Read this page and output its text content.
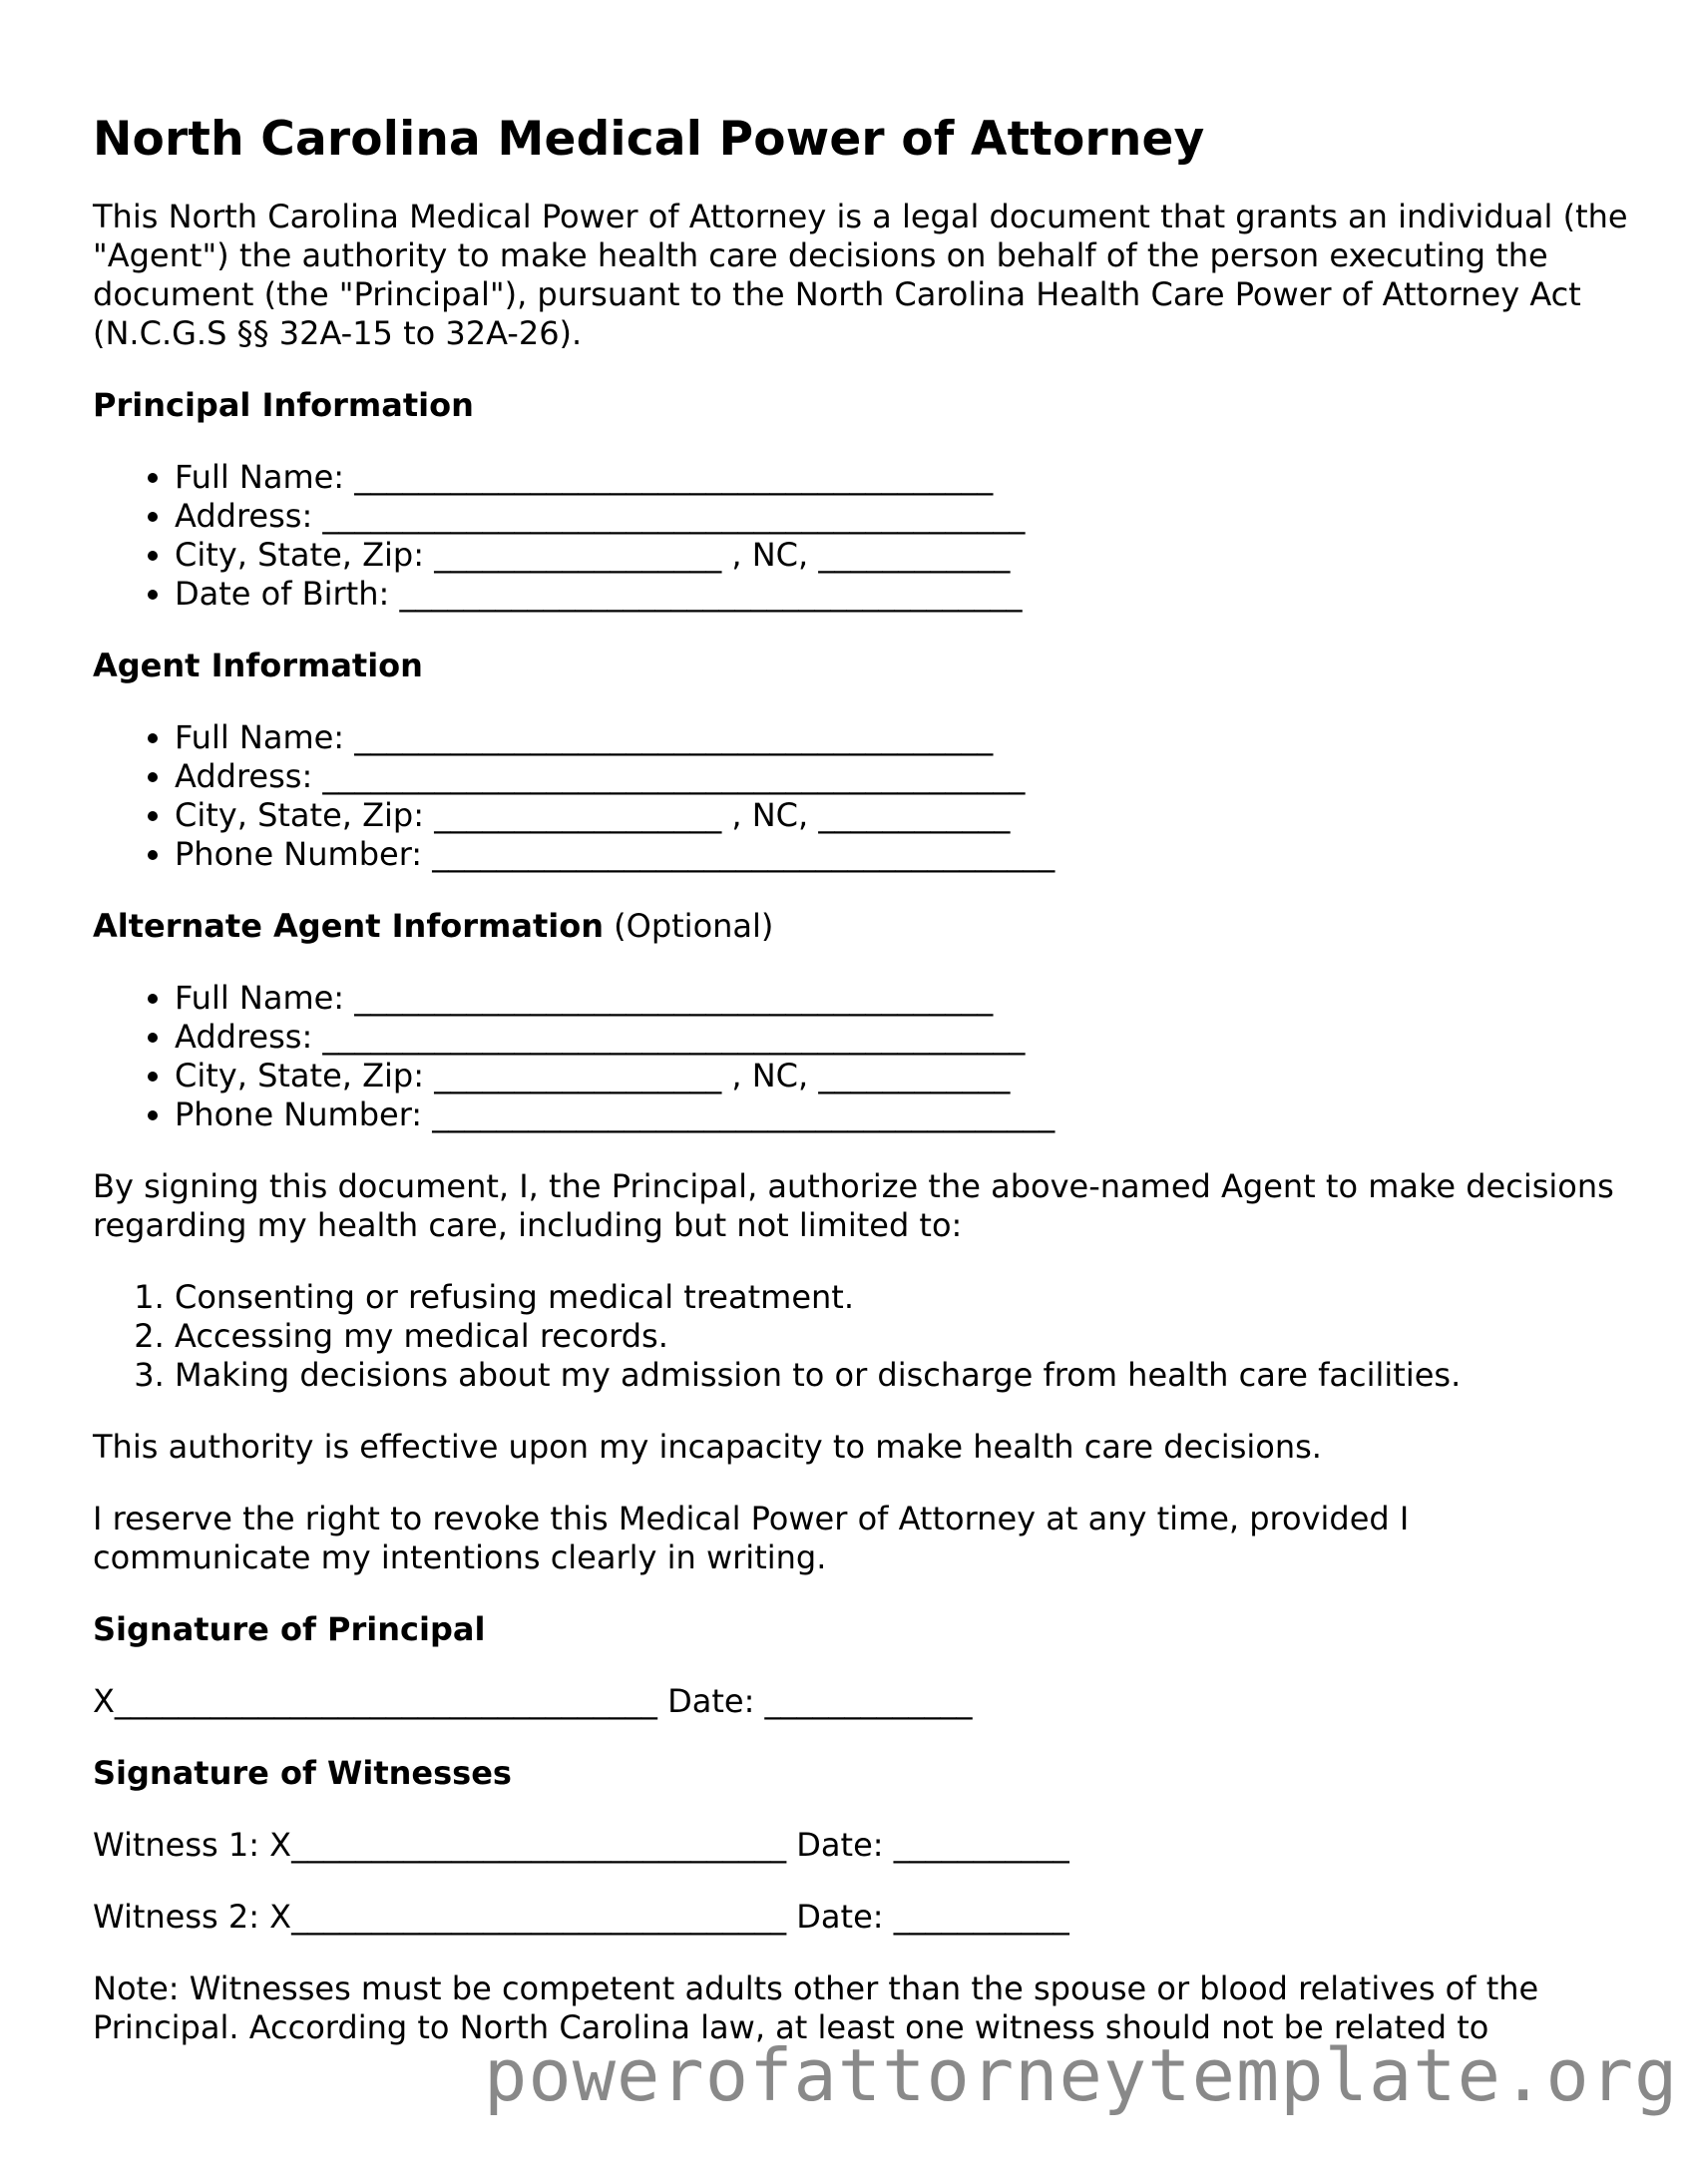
North Carolina Medical Power of Attorney

This North Carolina Medical Power of Attorney is a legal document that grants an individual (the "Agent") the authority to make health care decisions on behalf of the person executing the document (the "Principal"), pursuant to the North Carolina Health Care Power of Attorney Act (N.C.G.S §§ 32A-15 to 32A-26).

Principal Information
• Full Name: ________________________________________
• Address: ____________________________________________
• City, State, Zip: __________________ , NC, ____________
• Date of Birth: _______________________________________
Agent Information
• Full Name: ________________________________________
• Address: ____________________________________________
• City, State, Zip: __________________ , NC, ____________
• Phone Number: _______________________________________
Alternate Agent Information (Optional)
• Full Name: ________________________________________
• Address: ____________________________________________
• City, State, Zip: __________________ , NC, ____________
• Phone Number: _______________________________________

By signing this document, I, the Principal, authorize the above-named Agent to make decisions regarding my health care, including but not limited to:

1. Consenting or refusing medical treatment.
2. Accessing my medical records.
3. Making decisions about my admission to or discharge from health care facilities.

This authority is effective upon my incapacity to make health care decisions.

I reserve the right to revoke this Medical Power of Attorney at any time, provided I communicate my intentions clearly in writing.

Signature of Principal
X__________________________________ Date: _____________
Signature of Witnesses
Witness 1: X_______________________________ Date: ___________
Witness 2: X_______________________________ Date: ___________

Note: Witnesses must be competent adults other than the spouse or blood relatives of the Principal. According to North Carolina law, at least one witness should not be related to

powerofattorneytemplate.org
